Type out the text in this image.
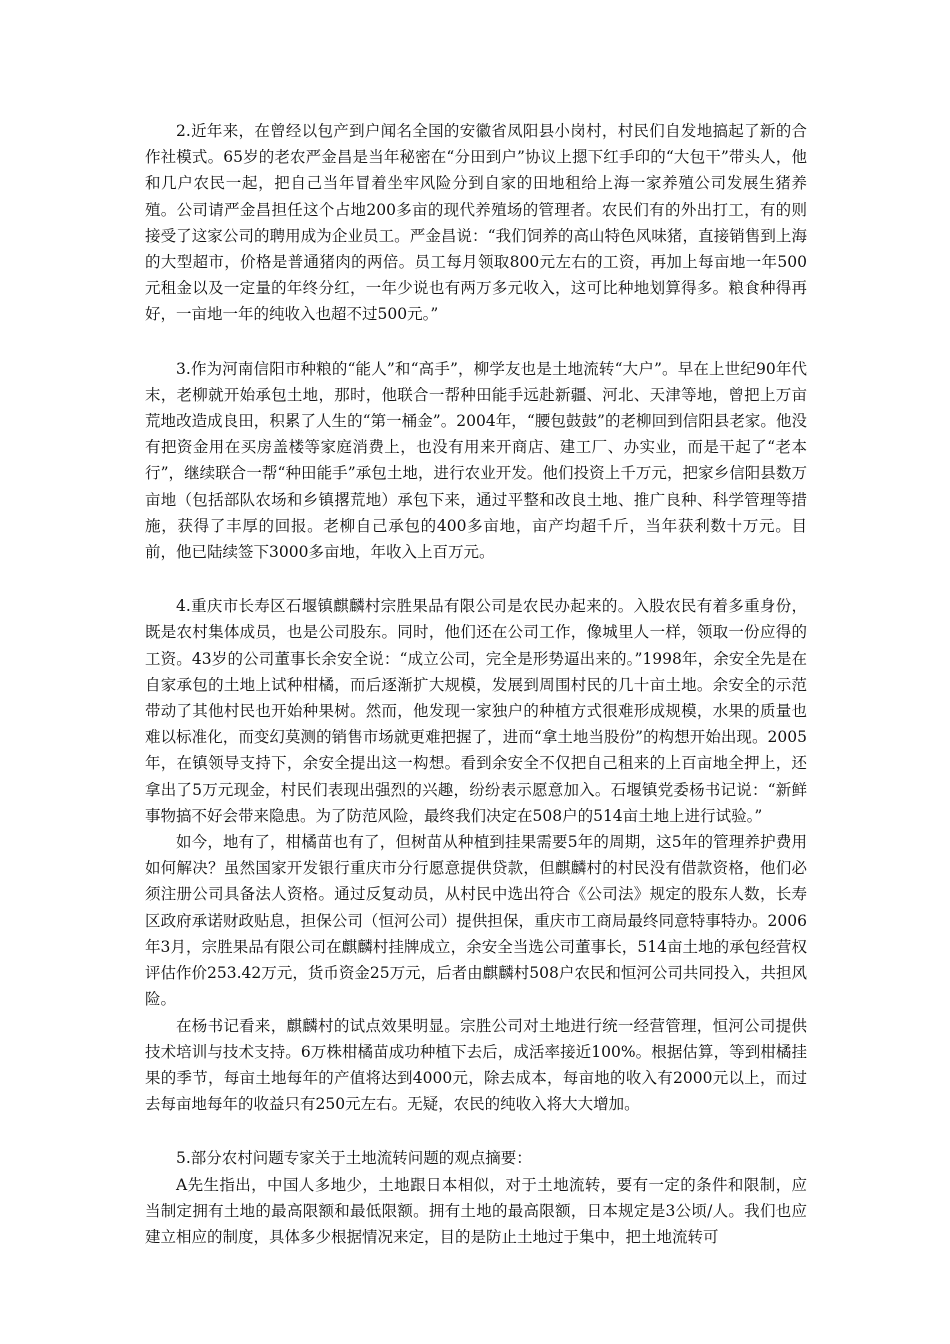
2.近年来，在曾经以包产到户闻名全国的安徽省凤阳县小岗村，村民们自发地搞起了新的合作社模式。65岁的老农严金昌是当年秘密在“分田到户”协议上摁下红手印的“大包干”带头人，他和几户农民一起，把自己当年冒着坐牢风险分到自家的田地租给上海一家养殖公司发展生猪养殖。公司请严金昌担任这个占地200多亩的现代养殖场的管理者。农民们有的外出打工，有的则接受了这家公司的聘用成为企业员工。严金昌说：“我们饲养的高山特色风味猪，直接销售到上海的大型超市，价格是普通猪肉的两倍。员工每月领取800元左右的工资，再加上每亩地一年500元租金以及一定量的年终分红，一年少说也有两万多元收入，这可比种地划算得多。粮食种得再好，一亩地一年的纯收入也超不过500元。”

3.作为河南信阳市种粮的“能人”和“高手”，柳学友也是土地流转“大户”。早在上世纪90年代末，老柳就开始承包土地，那时，他联合一帮种田能手远赴新疆、河北、天津等地，曾把上万亩荒地改造成良田，积累了人生的“第一桶金”。2004年，“腰包鼓鼓”的老柳回到信阳县老家。他没有把资金用在买房盖楼等家庭消费上，也没有用来开商店、建工厂、办实业，而是干起了“老本行”，继续联合一帮“种田能手”承包土地，进行农业开发。他们投资上千万元，把家乡信阳县数万亩地（包括部队农场和乡镇撂荒地）承包下来，通过平整和改良土地、推广良种、科学管理等措施，获得了丰厚的回报。老柳自己承包的400多亩地，亩产均超千斤，当年获利数十万元。目前，他已陆续签下3000多亩地，年收入上百万元。

4.重庆市长寿区石堰镇麒麟村宗胜果品有限公司是农民办起来的。入股农民有着多重身份，既是农村集体成员，也是公司股东。同时，他们还在公司工作，像城里人一样，领取一份应得的工资。43岁的公司董事长余安全说：“成立公司，完全是形势逼出来的。”1998年，余安全先是在自家承包的土地上试种柑橘，而后逐渐扩大规模，发展到周围村民的几十亩土地。余安全的示范带动了其他村民也开始种果树。然而，他发现一家独户的种植方式很难形成规模，水果的质量也难以标准化，而变幻莫测的销售市场就更难把握了，进而“拿土地当股份”的构想开始出现。2005年，在镇领导支持下，余安全提出这一构想。看到余安全不仅把自己租来的上百亩地全押上，还拿出了5万元现金，村民们表现出强烈的兴趣，纷纷表示愿意加入。石堰镇党委杨书记说：“新鲜事物搞不好会带来隐患。为了防范风险，最终我们决定在508户的514亩土地上进行试验。”

如今，地有了，柑橘苗也有了，但树苗从种植到挂果需要5年的周期，这5年的管理养护费用如何解决？虽然国家开发银行重庆市分行愿意提供贷款，但麒麟村的村民没有借款资格，他们必须注册公司具备法人资格。通过反复动员，从村民中选出符合《公司法》规定的股东人数，长寿区政府承诺财政贴息，担保公司（恒河公司）提供担保，重庆市工商局最终同意特事特办。2006年3月，宗胜果品有限公司在麒麟村挂牌成立，余安全当选公司董事长，514亩土地的承包经营权评估作价253.42万元，货币资金25万元，后者由麒麟村508户农民和恒河公司共同投入，共担风险。

在杨书记看来，麒麟村的试点效果明显。宗胜公司对土地进行统一经营管理，恒河公司提供技术培训与技术支持。6万株柑橘苗成功种植下去后，成活率接近100%。根据估算，等到柑橘挂果的季节，每亩土地每年的产值将达到4000元，除去成本，每亩地的收入有2000元以上，而过去每亩地每年的收益只有250元左右。无疑，农民的纯收入将大大增加。

5.部分农村问题专家关于土地流转问题的观点摘要：

A先生指出，中国人多地少，土地跟日本相似，对于土地流转，要有一定的条件和限制，应当制定拥有土地的最高限额和最低限额。拥有土地的最高限额，日本规定是3公顷/人。我们也应建立相应的制度，具体多少根据情况来定，目的是防止土地过于集中，把土地流转可
